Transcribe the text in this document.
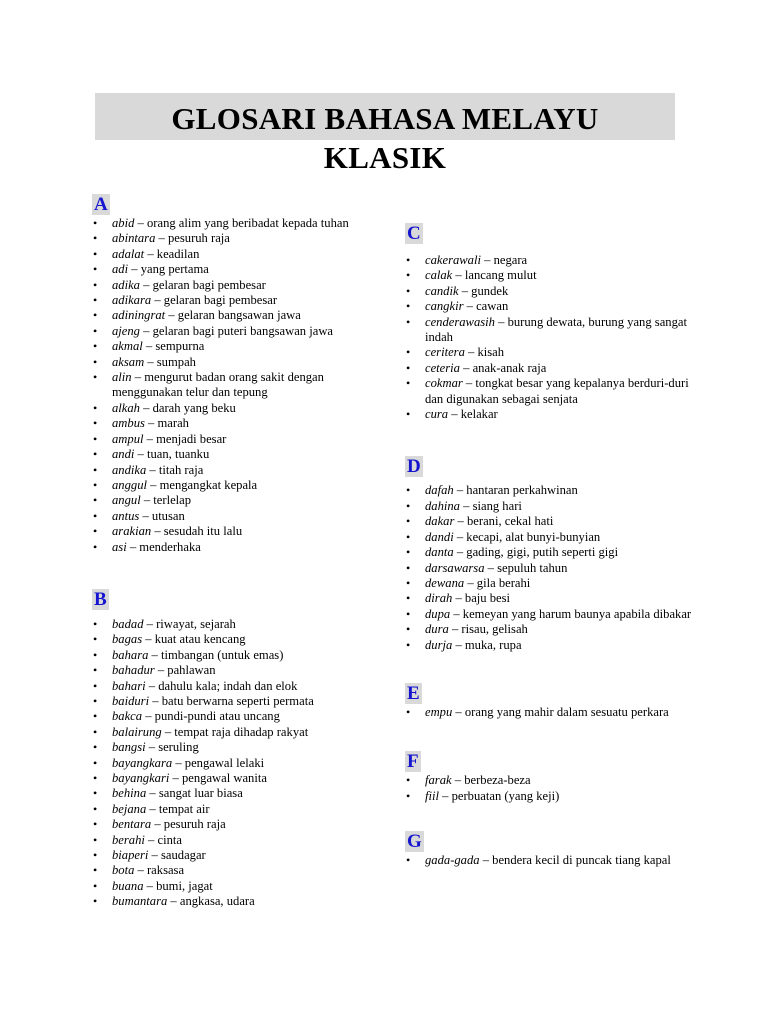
GLOSARI BAHASA MELAYU
KLASIK
A
• abid – orang alim yang beribadat kepada tuhan
• abintara – pesuruh raja
• adalat – keadilan
• adi – yang pertama
• adika – gelaran bagi pembesar
• adikara – gelaran bagi pembesar
• adiningrat – gelaran bangsawan jawa
• ajeng – gelaran bagi puteri bangsawan jawa
• akmal – sempurna
• aksam – sumpah
• alin – mengurut badan orang sakit dengan menggunakan telur dan tepung
• alkah – darah yang beku
• ambus – marah
• ampul – menjadi besar
• andi – tuan, tuanku
• andika – titah raja
• anggul – mengangkat kepala
• angul – terlelap
• antus – utusan
• arakian – sesudah itu lalu
• asi – menderhaka
B
• badad – riwayat, sejarah
• bagas – kuat atau kencang
• bahara – timbangan (untuk emas)
• bahadur – pahlawan
• bahari – dahulu kala; indah dan elok
• baiduri – batu berwarna seperti permata
• bakca – pundi-pundi atau uncang
• balairung – tempat raja dihadap rakyat
• bangsi – seruling
• bayangkara – pengawal lelaki
• bayangkari – pengawal wanita
• behina – sangat luar biasa
• bejana – tempat air
• bentara – pesuruh raja
• berahi – cinta
• biaperi – saudagar
• bota – raksasa
• buana – bumi, jagat
• bumantara – angkasa, udara
C
• cakerawali – negara
• calak – lancang mulut
• candik – gundek
• cangkir – cawan
• cenderawasih – burung dewata, burung yang sangat indah
• ceritera – kisah
• ceteria – anak-anak raja
• cokmar – tongkat besar yang kepalanya berduri-duri dan digunakan sebagai senjata
• cura – kelakar
D
• dafah – hantaran perkahwinan
• dahina – siang hari
• dakar – berani, cekal hati
• dandi – kecapi, alat bunyi-bunyian
• danta – gading, gigi, putih seperti gigi
• darsawarsa – sepuluh tahun
• dewana – gila berahi
• dirah – baju besi
• dupa – kemeyan yang harum baunya apabila dibakar
• dura – risau, gelisah
• durja – muka, rupa
E
• empu – orang yang mahir dalam sesuatu perkara
F
• farak – berbeza-beza
• fiil – perbuatan (yang keji)
G
• gada-gada – bendera kecil di puncak tiang kapal
